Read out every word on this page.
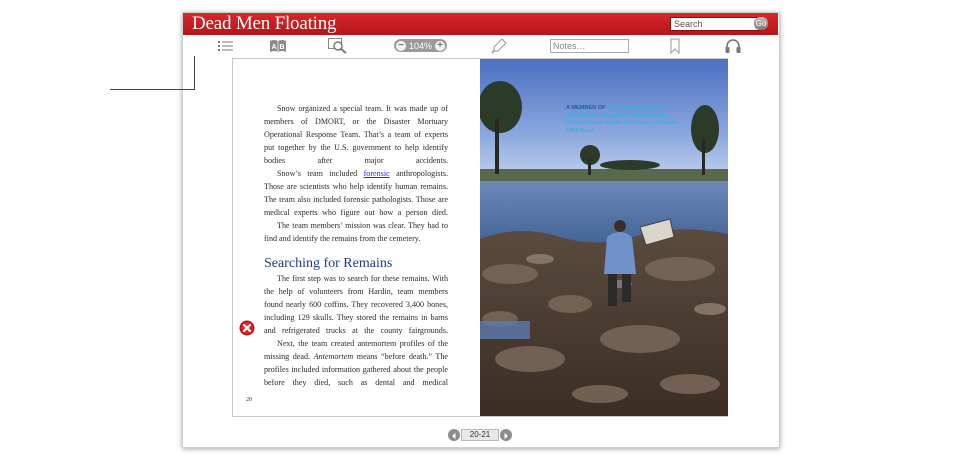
Dead Men Floating
Search	Go
A B	− 104% +
Notes…
Snow organized a special team. It was made up of members of DMORT, or the Disaster Mortuary Operational Response Team. That’s a team of experts put together by the U.S. government to help identify bodies after major accidents.
Snow’s team included forensic anthropologists. Those are scientists who help identify human remains. The team also included forensic pathologists. Those are medical experts who figure out how a person died.
The team members’ mission was clear. They had to find and identify the remains from the cemetery.
Searching for Remains
The first step was to search for these remains. With the help of volunteers from Hardin, team members found nearly 600 coffins. They recovered 3,400 bones, including 129 skulls. They stored the remains in barns and refrigerated trucks at the county fairgrounds.
Next, the team created antemortem profiles of the missing dead. Antemortem means “before death.” The profiles included information gathered about the people before they died, such as dental and medical
20
A MEMBER OF the Disaster Mortuary Operational Response Team views the destruction at Hardin Cemetery during the 1993 flood.
20-21
